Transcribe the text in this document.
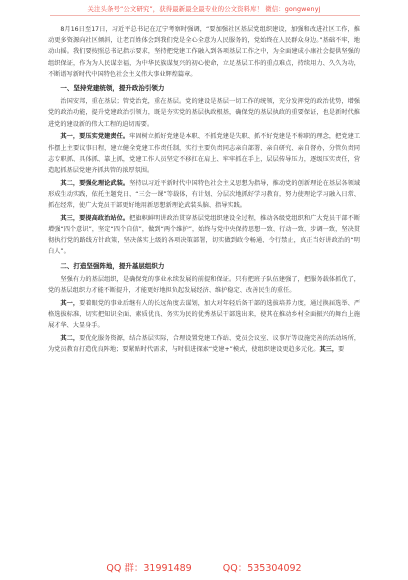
关注头条号“公文研究”，获得最新最全最专业的公文资料库！ 微信：gongwenyj

8月16日至17日，习近平总书记在辽宁考察时强调，“要加强社区基层党组织建设，加强和改进社区工作，推动更多资源向社区倾斜，让老百姓体会到我们党是全心全意为人民服务的，党始终在人民群众身边。”基础不牢，地动山摇。我们要按照总书记指示要求，坚持把党建工作融入到各项基层工作之中，为全面建成小康社会提供坚强的组织保证，作为为人民谋幸福，为中华民族谋复兴的初心使命，立足基层工作的重点难点，持续用力、久久为功，不断谱写新时代中国特色社会主义伟大事业辉煌篇章。

一、坚持党建统领，提升政治引领力

治国安邦，重在基层；管党治党，重在基层。党的建设是基层一切工作的统领，充分发挥党的政治优势，增强党的政治功能，提升党建政治引领力，既是夯实党的基层执政根基，确保党的基层执政的重要保证，也是新时代推进党的建设新的伟大工程的迫切需要。

其一，要压实党建责任。牢固树立抓好党建是本职、不抓党建是失职、抓不好党建是不称职的理念，把党建工作摆上主要议事日程，建立健全党建工作责任制，实行主要负责同志亲自部署、亲自研究、亲自督办，分管负责同志专职抓、具体抓、靠上抓，党建工作人员坚定不移扛在肩上、牢牢抓在手上，层层传导压力，逐级压实责任，营造起抓基层党建齐抓共管的浓厚氛围。

其二，要强化理论武装。坚持以习近平新时代中国特色社会主义思想为指导，推动党的创新理论在基层各领域形成生动实践，依托主题党日、“三会一课”等载体，有计划、分层次地抓好学习教育，努力使理论学习融入日常、抓在经常，使广大党员干部更好地用新思想新理论武装头脑、指导实践。

其三，要提高政治站位。把旗帜鲜明讲政治贯穿基层党组织建设全过程，推动各级党组织和广大党员干部不断增强“四个意识”，坚定“四个自信”，做到“两个维护”，始终与党中央保持思想一致、行动一致、步调一致，坚决贯彻执行党的路线方针政策，坚决落实上级的各项决策部署，切实做到政令畅通、令行禁止，真正当好讲政治的“明白人”。

二、打造坚强阵地，提升基层组织力

坚强有力的基层组织，是确保党的事业永续发展的前提和保证。只有把班子队伍建强了，把服务载体抓优了，党的基层组织力才能不断提升，才能更好地担负起发展经济、维护稳定、改善民生的重任。

其一，要着眼党的事业后继有人的长远角度去谋划，加大对年轻后备干部的选拔培养力度，通过换届选举、严格选拔标准，切实把知识全面、素质优良、务实为民的优秀基层干部选出来，使其在推动乡村全面振兴的舞台上施展才华、大显身手。

其二，要优化服务资源，结合基层实际，合理设置党建工作站、党员会议室、议事厅等设施完善的活动场所，为党员教育打造优良阵地；要紧贴时代需求，与时俱进探索“党建+”模式，使组织建设更趋多元化。其三，要

QQ 群：31991489	QQ：535304092
